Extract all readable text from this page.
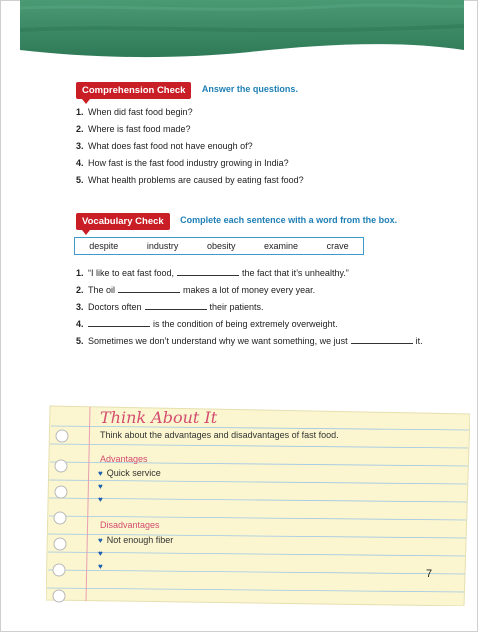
Comprehension Check Answer the questions.
1. When did fast food begin?
2. Where is fast food made?
3. What does fast food not have enough of?
4. How fast is the fast food industry growing in India?
5. What health problems are caused by eating fast food?
Vocabulary Check Complete each sentence with a word from the box.
despite	industry	obesity	examine	crave
1. “I like to eat fast food,	the fact that it’s unhealthy.”
2. The oil	makes a lot of money every year.
3. Doctors often	their patients.
4.	is the condition of being extremely overweight.
5. Sometimes we don’t understand why we want something, we just	it.
Think About It
Think about the advantages and disadvantages of fast food.
Advantages
♥ Quick service
♥
♥
Disadvantages
♥ Not enough fiber
♥
♥
7
